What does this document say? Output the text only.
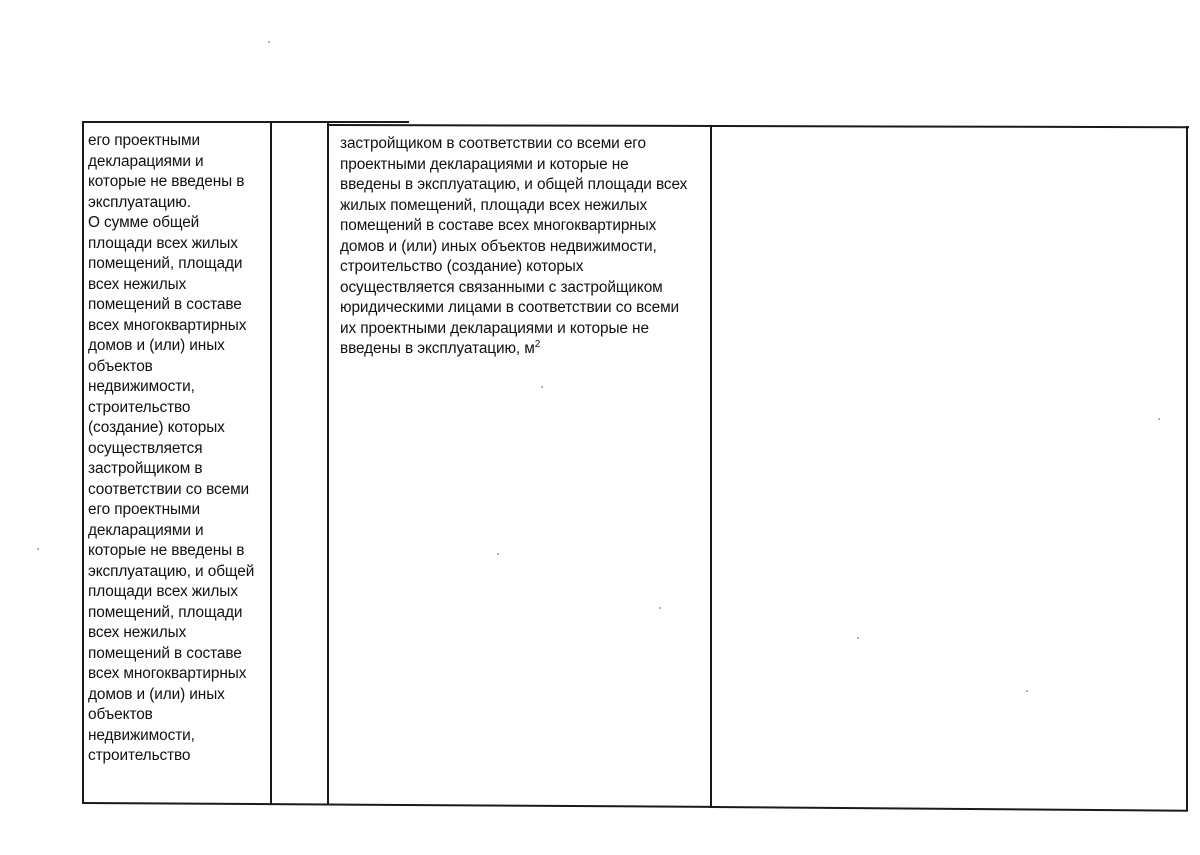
его проектными
декларациями и
которые не введены в
эксплуатацию.
О сумме общей
площади всех жилых
помещений, площади
всех нежилых
помещений в составе
всех многоквартирных
домов и (или) иных
объектов
недвижимости,
строительство
(создание) которых
осуществляется
застройщиком в
соответствии со всеми
его проектными
декларациями и
которые не введены в
эксплуатацию, и общей
площади всех жилых
помещений, площади
всех нежилых
помещений в составе
всех многоквартирных
домов и (или) иных
объектов
недвижимости,
строительство
застройщиком в соответствии со всеми его
проектными декларациями и которые не
введены в эксплуатацию, и общей площади всех
жилых помещений, площади всех нежилых
помещений в составе всех многоквартирных
домов и (или) иных объектов недвижимости,
строительство (создание) которых
осуществляется связанными с застройщиком
юридическими лицами в соответствии со всеми
их проектными декларациями и которые не
введены в эксплуатацию, $м^2$
